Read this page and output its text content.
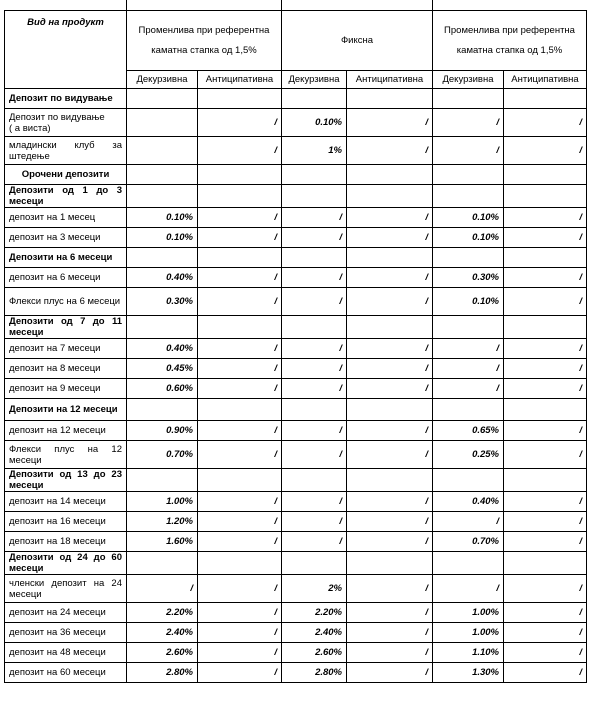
Вид на продукт	Променлива при референтна каматна стапка од 1,5%		Фиксна		Променлива при референтна каматна стапка од 1,5%	
	Декурзивна	Антиципативна	Декурзивна	Антиципативна	Декурзивна	Антиципативна
Депозит по видување						
Депозит по видување
( а виста)		/	0.10%	/	/	/
младински клуб за штедење		/	1%	/	/	/
Орочени депозити						
Депозити од 1 до 3 месеци						
депозит на 1 месец	0.10%	/	/	/	0.10%	/
депозит на 3 месеци	0.10%	/	/	/	0.10%	/
Депозити на 6 месеци						
депозит на 6 месеци	0.40%	/	/	/	0.30%	/
Флекси плус на 6 месеци	0.30%	/	/	/	0.10%	/
Депозити од 7 до 11 месеци						
депозит на 7 месеци	0.40%	/	/	/	/	/
депозит на 8 месеци	0.45%	/	/	/	/	/
депозит на 9 месеци	0.60%	/	/	/	/	/
Депозити на 12 месеци						
депозит на 12 месеци	0.90%	/	/	/	0.65%	/
Флекси плус на 12 месеци	0.70%	/	/	/	0.25%	/
Депозити од 13 до 23 месеци						
депозит на 14 месеци	1.00%	/	/	/	0.40%	/
депозит на 16 месеци	1.20%	/	/	/	/	/
депозит на 18 месеци	1.60%	/	/	/	0.70%	/
Депозити од 24 до 60 месеци						
членски депозит на 24 месеци	/	/	2%	/	/	/
депозит на 24 месеци	2.20%	/	2.20%	/	1.00%	/
депозит на 36 месеци	2.40%	/	2.40%	/	1.00%	/
депозит на 48 месеци	2.60%	/	2.60%	/	1.10%	/
депозит на 60 месеци	2.80%	/	2.80%	/	1.30%	/
